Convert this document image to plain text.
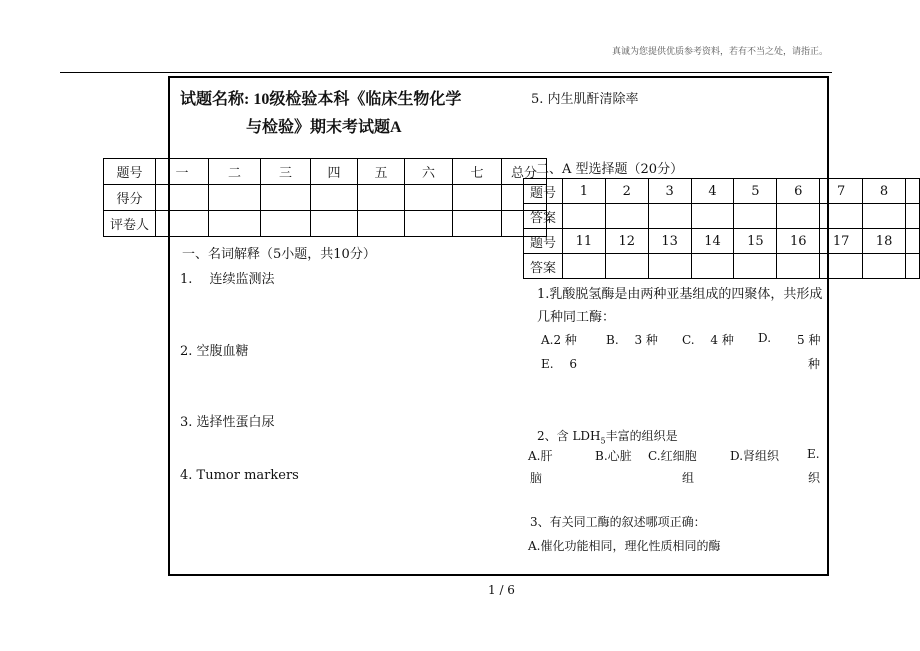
真诚为您提供优质参考资料，若有不当之处，请指正。
试题名称: 10级检验本科《临床生物化学
与检验》期末考试题A
题号	一	二	三	四	五	六	七	总分
得分								
评卷人								
一、名词解释（5小题，共10分）
1.　 连续监测法
2. 空腹血糖
3. 选择性蛋白尿
4. Tumor markers
5. 内生肌酐清除率
二、A 型选择题（20分）
题号	1	2	3	4	5	6	7	8	
答案									
题号	11	12	13	14	15	16	17	18	
答案									
1.乳酸脱氢酶是由两种亚基组成的四聚体，共形成
几种同工酶：
A.2 种 B.　 3 种 C.　 4 种 D. 5 种
E.　 6	种
2、含 $LDH_5$丰富的组织是
A.肝
脑
B.心脏 C.红细胞
组
D.肾组织 E.
织
3、有关同工酶的叙述哪项正确：
A.催化功能相同，理化性质相同的酶
1 / 6
